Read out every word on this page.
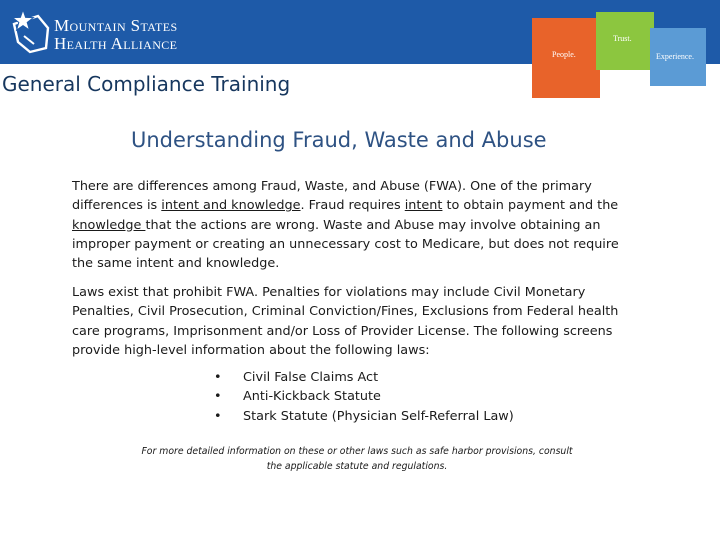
Mountain States
Health Alliance
People.
Trust.
Experience.
General Compliance Training
Understanding Fraud, Waste and Abuse

There are differences among Fraud, Waste, and Abuse (FWA). One of the primary differences is intent and knowledge. Fraud requires intent to obtain payment and the knowledge that the actions are wrong. Waste and Abuse may involve obtaining an improper payment or creating an unnecessary cost to Medicare, but does not require the same intent and knowledge.

Laws exist that prohibit FWA. Penalties for violations may include Civil Monetary Penalties, Civil Prosecution, Criminal Conviction/Fines, Exclusions from Federal health care programs, Imprisonment and/or Loss of Provider License. The following screens provide high-level information about the following laws:

• Civil False Claims Act
• Anti-Kickback Statute
• Stark Statute (Physician Self-Referral Law)

For more detailed information on these or other laws such as safe harbor provisions, consult the applicable statute and regulations.
